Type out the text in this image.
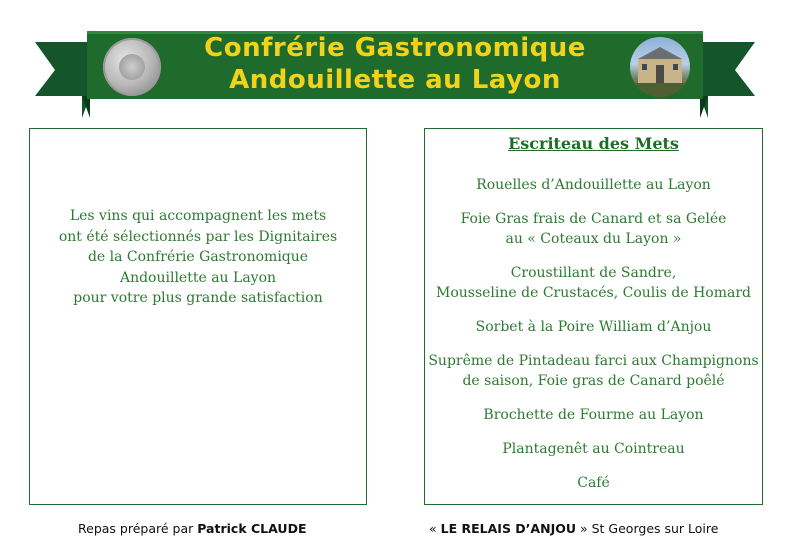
Confrérie Gastronomique
Andouillette au Layon
Les vins qui accompagnent les mets
ont été sélectionnés par les Dignitaires
de la Confrérie Gastronomique
Andouillette au Layon
pour votre plus grande satisfaction
Escriteau des Mets
Rouelles d’Andouillette au Layon
Foie Gras frais de Canard et sa Gelée
au « Coteaux du Layon »
Croustillant de Sandre,
Mousseline de Crustacés, Coulis de Homard
Sorbet à la Poire William d’Anjou
Suprême de Pintadeau farci aux Champignons
de saison, Foie gras de Canard poêlé
Brochette de Fourme au Layon
Plantagenêt au Cointreau
Café
Repas préparé par Patrick CLAUDE	« LE RELAIS D’ANJOU » St Georges sur Loire
